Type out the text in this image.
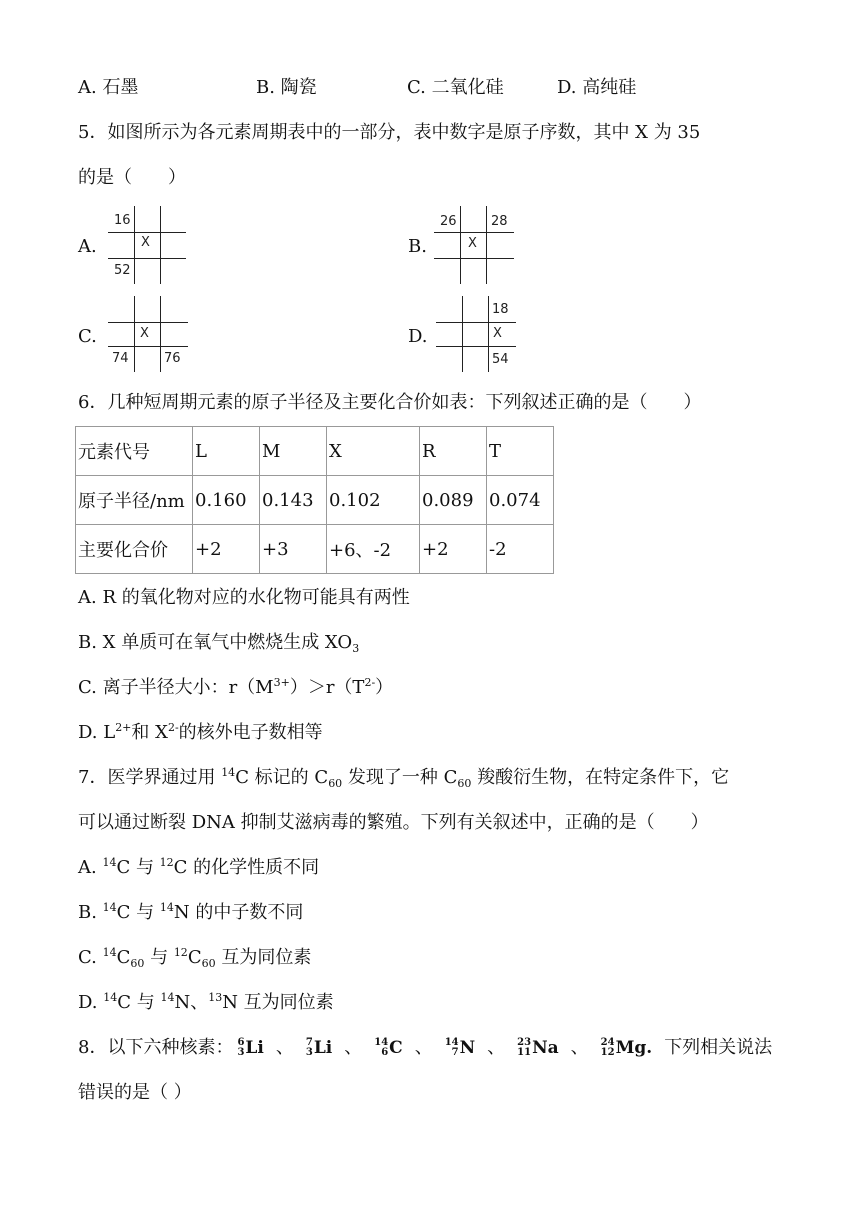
A. 石墨	B. 陶瓷	C. 二氧化硅	D. 高纯硅
5．如图所示为各元素周期表中的一部分，表中数字是原子序数，其中 X 为 35
的是（　　）
A.
16
X
52
B.
26	28
X
C.	X
74	76
D.
18
X
54
6．几种短周期元素的原子半径及主要化合价如表：下列叙述正确的是（　　）
元素代号	L	M	X	R	T
原子半径/nm	0.160	0.143	0.102	0.089	0.074
主要化合价	+2	+3	+6、-2	+2	-2
A. R 的氧化物对应的水化物可能具有两性
B. X 单质可在氧气中燃烧生成 $XO_3$
C. 离子半径大小：$r(M^{3+})>r(T^{2-})$
D. $L^{2+}$和 $X^{2-}$的核外电子数相等
7．医学界通过用 $^{14}$C 标记的 $C_{60}$ 发现了一种 $C_{60}$ 羧酸衍生物，在特定条件下，它
可以通过断裂 DNA 抑制艾滋病毒的繁殖。下列有关叙述中，正确的是（　　）
A. $^{14}$C 与 $^{12}$C 的化学性质不同
B. $^{14}$C 与 $^{14}$N 的中子数不同
C. $^{14}C_{60}$ 与 $^{12}C_{60}$ 互为同位素
D. $^{14}$C 与 $^{14}$N、$^{13}$N 互为同位素
8．以下六种核素： 6
3 Li 、 7
3 Li 、 14
6 C 、 14
7 N 、 23
11 Na 、 24
12 Mg. 下列相关说法
错误的是（ ）
